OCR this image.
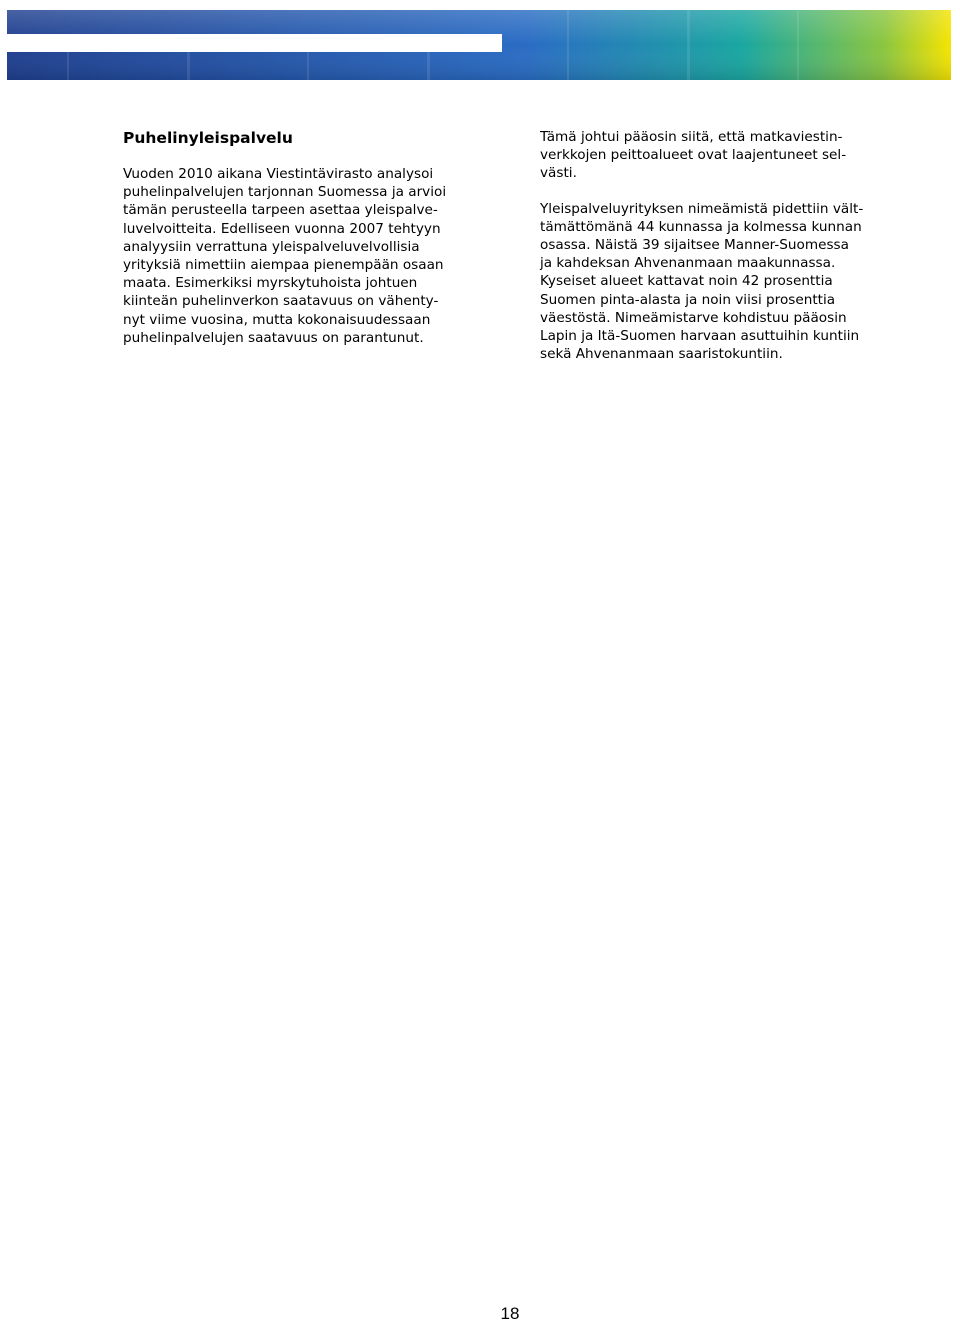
Puhelinyleispalvelu

Vuoden 2010 aikana Viestintävirasto analysoi
puhelinpalvelujen tarjonnan Suomessa ja arvioi
tämän perusteella tarpeen asettaa yleispalve-
luvelvoitteita. Edelliseen vuonna 2007 tehtyyn
analyysiin verrattuna yleispalveluvelvollisia
yrityksiä nimettiin aiempaa pienempään osaan
maata. Esimerkiksi myrskytuhoista johtuen
kiinteän puhelinverkon saatavuus on vähenty-
nyt viime vuosina, mutta kokonaisuudessaan
puhelinpalvelujen saatavuus on parantunut.

Tämä johtui pääosin siitä, että matkaviestin-
verkkojen peittoalueet ovat laajentuneet sel-
västi.

Yleispalveluyrityksen nimeämistä pidettiin vält-
tämättömänä 44 kunnassa ja kolmessa kunnan
osassa. Näistä 39 sijaitsee Manner-Suomessa
ja kahdeksan Ahvenanmaan maakunnassa.
Kyseiset alueet kattavat noin 42 prosenttia
Suomen pinta-alasta ja noin viisi prosenttia
väestöstä. Nimeämistarve kohdistuu pääosin
Lapin ja Itä-Suomen harvaan asuttuihin kuntiin
sekä Ahvenanmaan saaristokuntiin.

18
